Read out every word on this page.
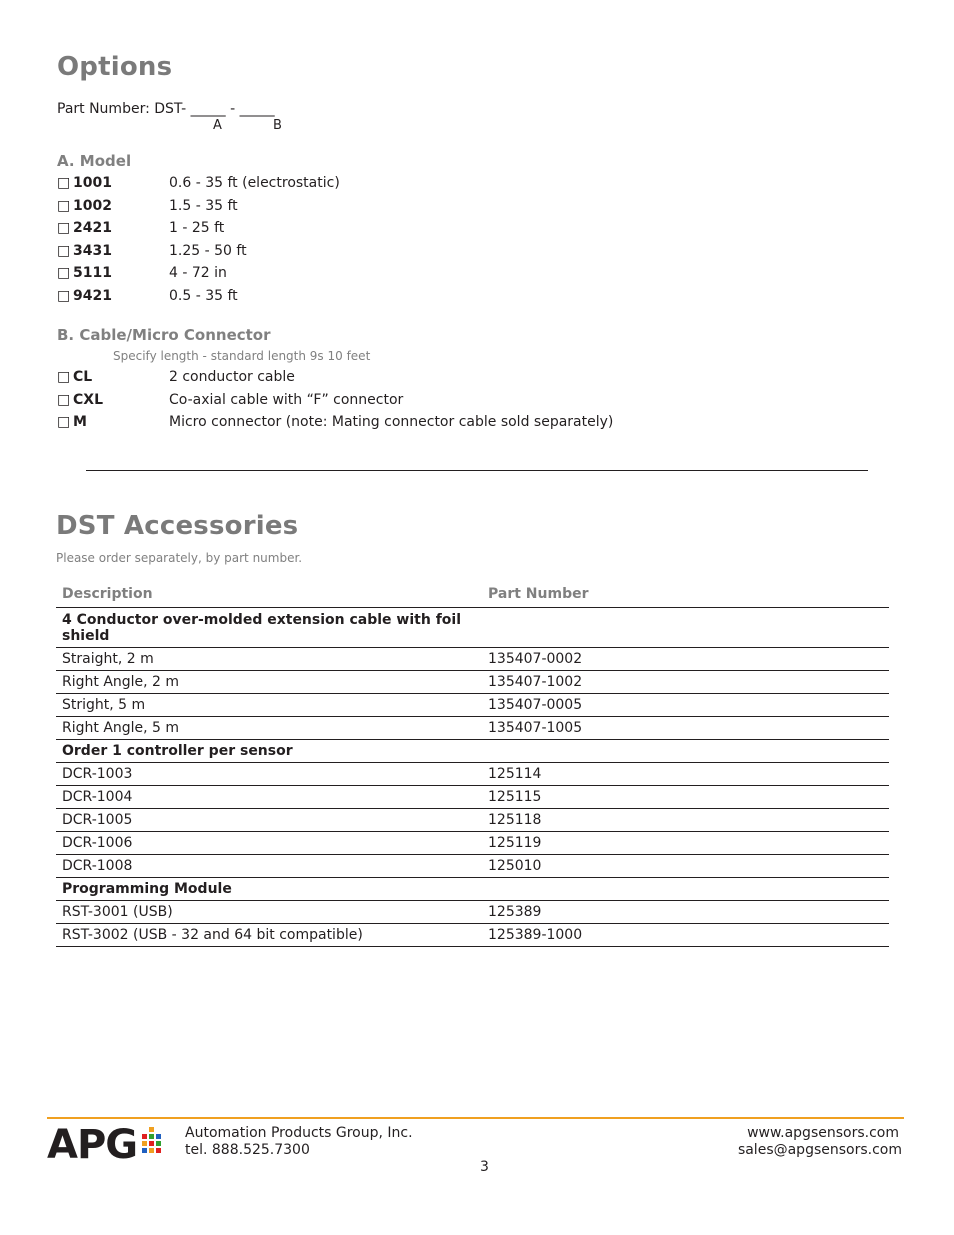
Options
Part Number: DST- _____ - _____
A	B
A. Model
□ 1001	0.6 - 35 ft (electrostatic)
□ 1002	1.5 - 35 ft
□ 2421	1 - 25 ft
□ 3431	1.25 - 50 ft
□ 5111	4 - 72 in
□ 9421	0.5 - 35 ft
B. Cable/Micro Connector
Specify length - standard length 9s 10 feet
□ CL	2 conductor cable
□ CXL	Co-axial cable with “F” connector
□ M	Micro connector (note: Mating connector cable sold separately)
DST Accessories
Please order separately, by part number.
Description	Part Number
4 Conductor over-molded extension cable with foil shield	
Straight, 2 m	135407-0002
Right Angle, 2 m	135407-1002
Stright, 5 m	135407-0005
Right Angle, 5 m	135407-1005
Order 1 controller per sensor	
DCR-1003	125114
DCR-1004	125115
DCR-1005	125118
DCR-1006	125119
DCR-1008	125010
Programming Module	
RST-3001 (USB)	125389
RST-3002 (USB - 32 and 64 bit compatible)	125389-1000
APG	Automation Products Group, Inc.
tel. 888.525.7300
www.apgsensors.com
sales@apgsensors.com
3
